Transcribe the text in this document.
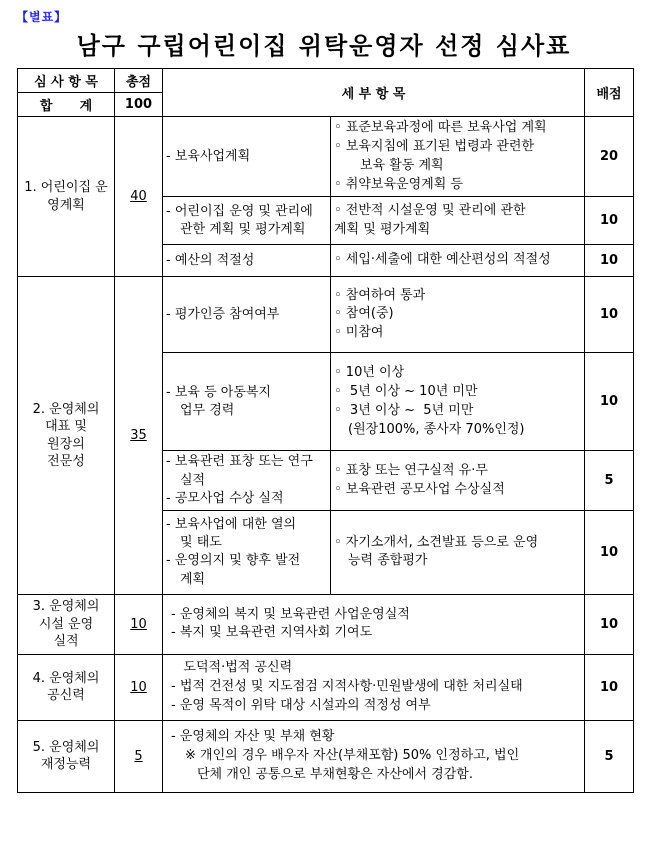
【별표】
남구 구립어린이집 위탁운영자 선정 심사표
심 사 항 목	총점	세 부 항 목		배점
합      계	100			
1. 어린이집 운영계획	40	- 보육사업계획	◦ 표준보육과정에 따른 보육사업 계획
◦ 보육지침에 표기된 법령과 관련한
보육 활동 계획
◦ 취약보육운영계획 등	20

		- 어린이집 운영 및 관리에
관한 계획 및 평가계획	◦ 전반적 시설운영 및 관리에 관한
계획 및 평가계획	10
		- 예산의 적절성	◦ 세입·세출에 대한 예산편성의 적절성	10

2. 운영체의
대표 및
원장의
전문성	35	- 평가인증 참여여부	◦ 참여하여 통과
◦ 참여(중)
◦ 미참여	10

		- 보육 등 아동복지
업무 경력	◦ 10년 이상
◦  5년 이상 ~ 10년 미만
◦  3년 이상 ~  5년 미만
(원장100%, 종사자 70%인정)	10

		- 보육관련 표창 또는 연구
실적
- 공모사업 수상 실적	◦ 표창 또는 연구실적 유·무
◦ 보육관련 공모사업 수상실적	5

		- 보육사업에 대한 열의
및 태도
- 운영의지 및 향후 발전
계획	◦ 자기소개서, 소견발표 등으로 운영
능력 종합평가	10

3. 운영체의
시설 운영
실적	10	- 운영체의 복지 및 보육관련 사업운영실적
- 복지 및 보육관련 지역사회 기여도		10

4. 운영체의
공신력	10	도덕적·법적 공신력
- 법적 건전성 및 지도점검 지적사항·민원발생에 대한 처리실태
- 운영 목적이 위탁 대상 시설과의 적정성 여부		10

5. 운영체의
재정능력	5	- 운영체의 자산 및 부채 현황
※ 개인의 경우 배우자 자산(부채포함) 50% 인정하고, 법인
단체 개인 공통으로 부채현황은 자산에서 경감함.		5
